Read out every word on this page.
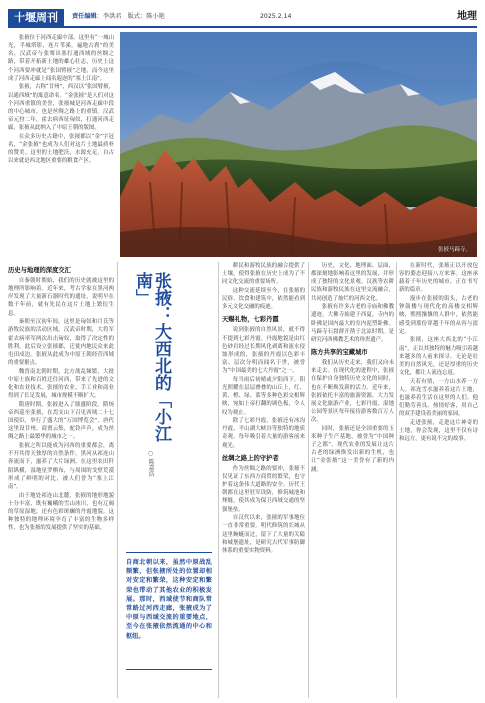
十堰周刊	责任编辑：李洪君　版式：陈小艳	2025.2.14	地理

张掖位于河西走廊中部。这里有“一城山光，半城塔影，连片苇溪，遍地古刹”的美名。汉武帝与张骞出塞打通西域的丝绸之路，带着开拓新土地的雄心壮志，历史上这个河西要冲就是“张国臂掖”之地，而今这里成了河西走廊上闻名遐迩的“塞上江南”。

张掖，古称“甘州”，西汉以“张国臂掖，以通西域”的寓意命名。“金张掖”是人们对这个河西重镇的美誉，张掖城是河西走廊中段的中心城市，也是丝绸之路上的重镇。汉武帝元狩二年，霍去病西征匈奴，打通河西走廊，张掖从此纳入了中原王朝的版图。

在众多历史古籍中，张掖都以“金”字冠名，“金张掖”也成为人们对这片土地最质朴的赞美。这里的土地肥沃，水源充足，自古以来就是西北地区重要的粮食产区。

张掖马蹄寺。
张掖：大西北的「小江南」
○ 陈嘉浩
自商北朝以来，虽然中原战乱频繁，但张掖所处的位置却相对安定和繁荣，这种安定和繁荣也带动了其他农业的积极发展。那时，西域使节和商队常常路过河西走廊，张掖成为了中原与西域交流的重要地点，至今在张掖依然流通的中心和枢纽。
历史与地理的深度交汇

自秦朝时期始，我们的历史就被这里的地理所影响着。近年来，考古学家在黑河两岸发现了大量新石器时代的遗址，说明早在数千年前，就有先民在这片土地上繁衍生息。

秦朝至汉初年间，这里是匈奴和月氏等游牧民族的活动区域。汉武帝时期，大将军霍去病率军两次出击匈奴，取得了决定性的胜利，此后设立张掖郡，迁徙内地民众来此屯田戍边。张掖从此成为中原王朝经营西域的重要据点。

魏晋南北朝时期，北方战乱频繁，大批中原士族和百姓迁往河西，带来了先进的文化和农业技术。张掖的农业、手工业和商业得到了长足发展，城市规模不断扩大。

隋唐时期，张掖进入了鼎盛阶段。隋炀帝西巡至张掖，在焉支山下召见西域二十七国使臣，举行了盛大的“万国博览会”。唐代这里设甘州，商贾云集，驼铃声声，成为丝绸之路上最繁华的城市之一。

张掖之所以能成为河西的重要都会，离不开其得天独厚的自然条件。黑河从祁连山奔流而下，滋养了大片绿洲。在这里农田阡陌纵横，湿地星罗棋布，与周围的戈壁荒漠形成了鲜明的对比，被人们誉为“塞上江南”。

由于地处祁连山北麓，张掖的地形地貌十分丰富，既有巍峨的雪山冰川，也有辽阔的草原湿地，还有色彩斑斓的丹霞地貌。这种独特的地理环境孕育了丰富的生物多样性，也为张掖的发展提供了坚实的基础。

耕民和游牧民族的融合提供了土壤，使得张掖在历史上成为了不同文化交流的重要场所。

这种交流延续至今，在张掖的民俗、饮食和建筑中，依然能看到多元文化交融的痕迹。

天赐礼物，七彩丹霞

说到张掖的自然风景，就不得不提到七彩丹霞。丹霞地貌是由红色砂岩经过长期风化剥离和流水侵蚀形成的，张掖的丹霞以色彩丰富、层次分明而闻名于世，被誉为“中国最美的七大丹霞”之一。

每当雨后初晴或夕阳西下，阳光照耀在层层叠叠的山丘上，红、黄、橙、绿、蓝等多种色彩交相辉映，宛如上帝打翻的调色板，令人叹为观止。

除了七彩丹霞，张掖还有冰沟丹霞、平山湖大峡谷等独特的地质奇观，每年吸引着大量的游客前来观光。

丝绸之路上的守护者

作为丝绸之路的要冲，张掖不仅见证了东西方商贸的繁荣，也守护着这条伟大道路的安全。历代王朝都在这里驻军设防，修筑城池和烽燧，使其成为保卫西域交通的坚强堡垒。

自汉代以来，张掖的军事地位一直非常重要。明代修筑的长城从这里蜿蜒而过，留下了大量的关隘和城堡遗址，是研究古代军事防御体系的重要实物资料。

历史，文化、地理面、层面，都深刻地影响着这里的发展，并形成了独特的文化景观。汉族等农耕民族和游牧民族在这里交流融合，共同创造了灿烂的河西文化。

张掖有许多古老的寺庙和佛教遗迹。大佛寺始建于西夏，寺内的卧佛是国内最大的室内泥塑卧佛。马蹄寺石窟群开凿于北凉时期，是研究河西佛教艺术的珍贵遗产。

陈方共享的宝藏城市

我们从历史走来，我们又向未来走去。在现代化的进程中，张掖在保护自身独特历史文化的同时，也在不断焕发新的活力。近年来，张掖依托丰富的旅游资源，大力发展文化旅游产业，七彩丹霞、湿地公园等景区每年接待游客数百万人次。

同时，张掖还是全国重要的玉米种子生产基地，被誉为“中国种子之都”。现代农业的发展让这片古老的绿洲焕发出新的生机，也让“金张掖”这一美誉有了新的内涵。

在新时代，张掖正以开放包容的姿态迎接八方来客。这座承载着千年历史的城市，正在书写新的篇章。

漫步在张掖的街头，古老的钟鼓楼与现代化的高楼交相辉映，熙熙攘攘的人群中，依然能感受到那份穿越千年的从容与淡定。

张掖，这座大西北的“小江南”，正以其独特的魅力吸引着越来越多的人前来探寻。无论是壮美的自然风光，还是厚重的历史文化，都让人流连忘返。

天若有情，一方山水养一方人。祁连雪水滋养着这片土地，也滋养着生活在这里的人们。他们勤劳善良、热情好客，用自己的双手建设着美丽的家园。

走进张掖，走进这片神奇的土地，你会发现，这里不仅有诗和远方，更有说不完的故事。
